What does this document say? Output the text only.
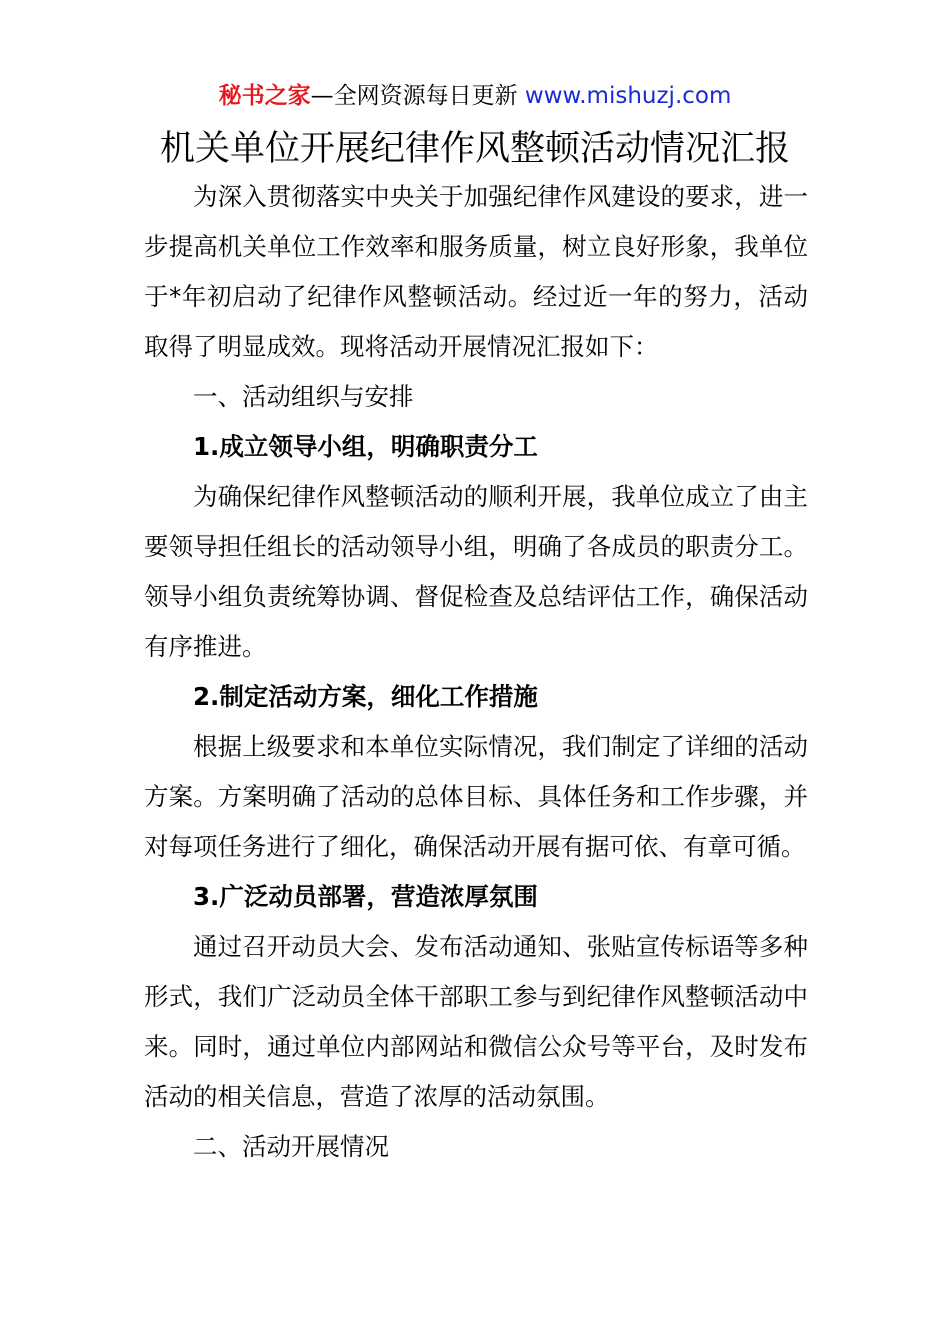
秘书之家—全网资源每日更新 www.mishuzj.com
机关单位开展纪律作风整顿活动情况汇报

为深入贯彻落实中央关于加强纪律作风建设的要求，进一步提高机关单位工作效率和服务质量，树立良好形象，我单位于*年初启动了纪律作风整顿活动。经过近一年的努力，活动取得了明显成效。现将活动开展情况汇报如下：

一、活动组织与安排

1.成立领导小组，明确职责分工

为确保纪律作风整顿活动的顺利开展，我单位成立了由主要领导担任组长的活动领导小组，明确了各成员的职责分工。领导小组负责统筹协调、督促检查及总结评估工作，确保活动有序推进。

2.制定活动方案，细化工作措施

根据上级要求和本单位实际情况，我们制定了详细的活动方案。方案明确了活动的总体目标、具体任务和工作步骤，并对每项任务进行了细化，确保活动开展有据可依、有章可循。

3.广泛动员部署，营造浓厚氛围

通过召开动员大会、发布活动通知、张贴宣传标语等多种形式，我们广泛动员全体干部职工参与到纪律作风整顿活动中来。同时，通过单位内部网站和微信公众号等平台，及时发布活动的相关信息，营造了浓厚的活动氛围。

二、活动开展情况
